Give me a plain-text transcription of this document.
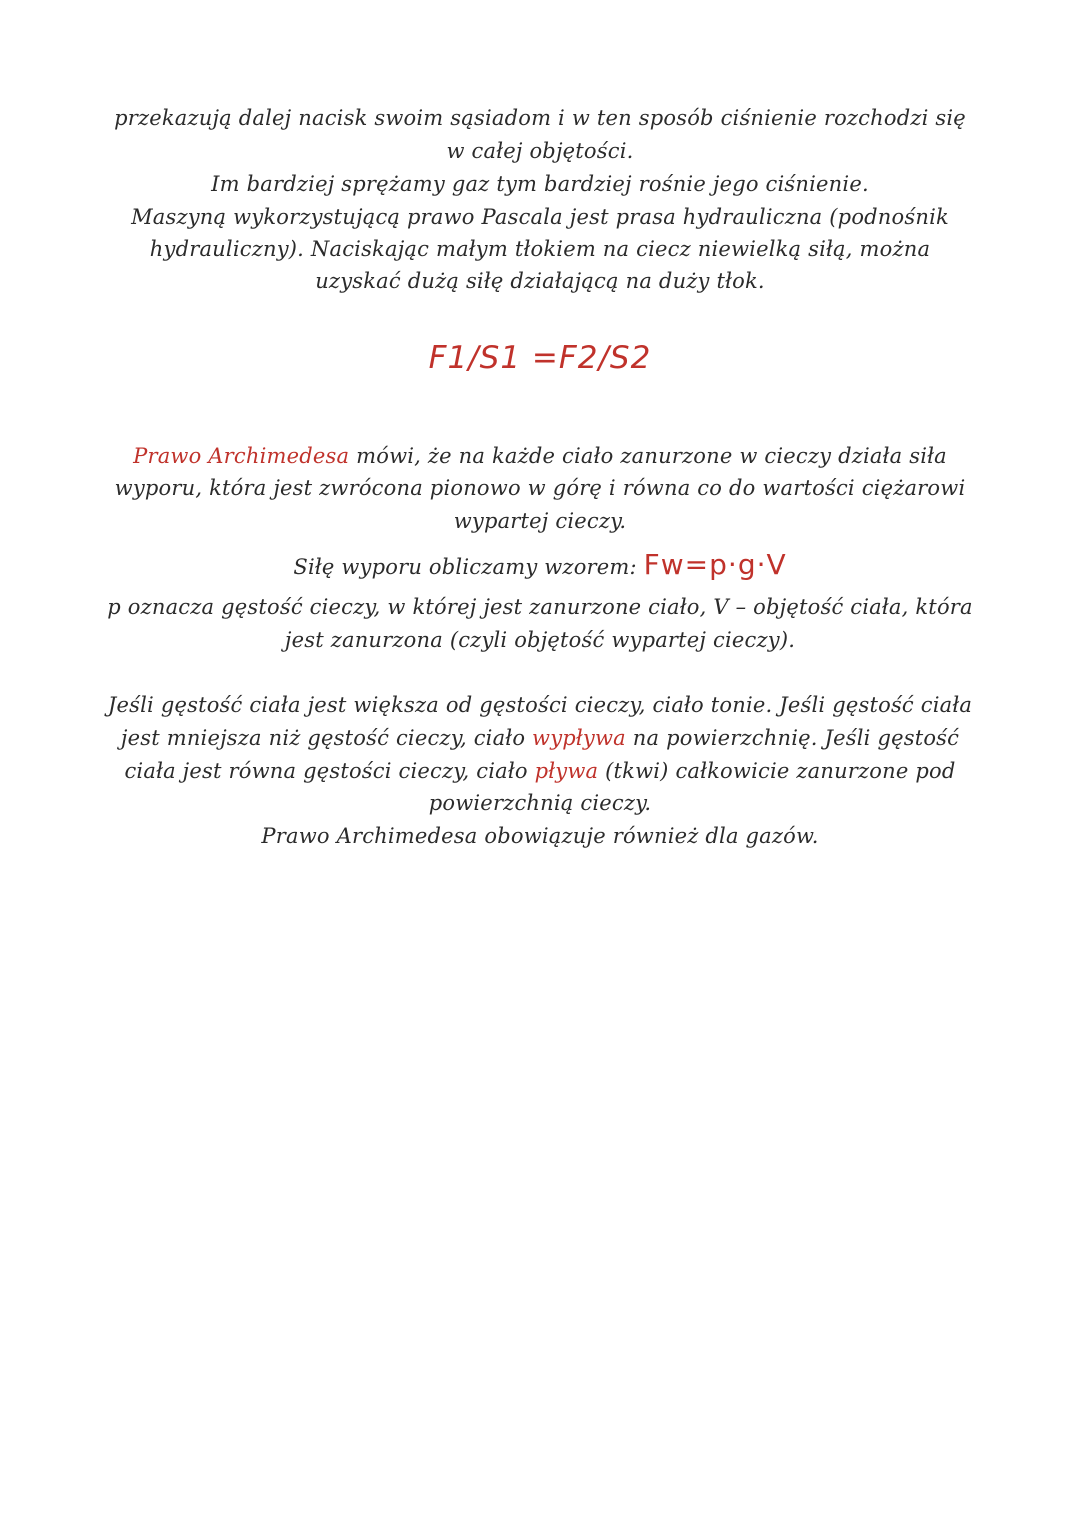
przekazują dalej nacisk swoim sąsiadom i w ten sposób ciśnienie rozchodzi się
w całej objętości.
Im bardziej sprężamy gaz tym bardziej rośnie jego ciśnienie.
Maszyną wykorzystującą prawo Pascala jest prasa hydrauliczna (podnośnik
hydrauliczny). Naciskając małym tłokiem na ciecz niewielką siłą, można
uzyskać dużą siłę działającą na duży tłok.
F1/S1 =F2/S2
Prawo Archimedesa mówi, że na każde ciało zanurzone w cieczy działa siła
wyporu, która jest zwrócona pionowo w górę i równa co do wartości ciężarowi
wypartej cieczy.
Siłę wyporu obliczamy wzorem: Fw=p·g·V
p oznacza gęstość cieczy, w której jest zanurzone ciało, V – objętość ciała, która
jest zanurzona (czyli objętość wypartej cieczy).
Jeśli gęstość ciała jest większa od gęstości cieczy, ciało tonie. Jeśli gęstość ciała
jest mniejsza niż gęstość cieczy, ciało wypływa na powierzchnię. Jeśli gęstość
ciała jest równa gęstości cieczy, ciało pływa (tkwi) całkowicie zanurzone pod
powierzchnią cieczy.
Prawo Archimedesa obowiązuje również dla gazów.
